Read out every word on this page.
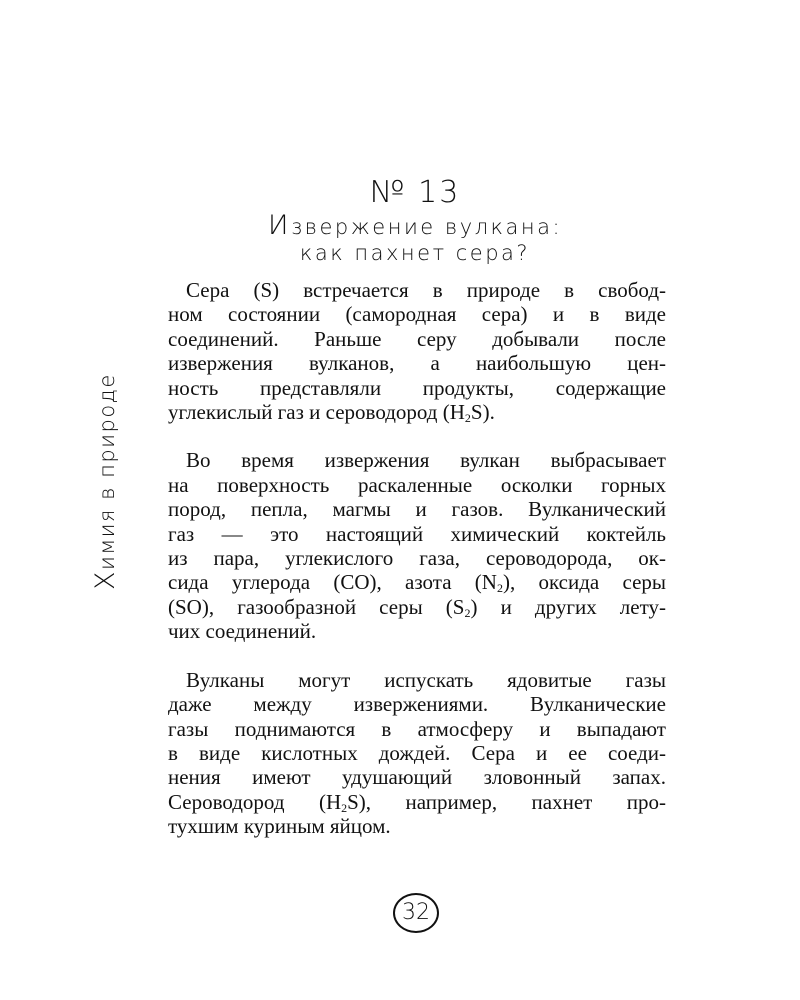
Химия в природе
№ 13
Извержение вулкана:
как пахнет сера?

Сера (S) встречается в природе в свобод-
ном состоянии (самородная сера) и в виде
соединений. Раньше серу добывали после
извержения вулканов, а наибольшую цен-
ность представляли продукты, содержащие
углекислый газ и сероводород $(H_2S)$.

Во время извержения вулкан выбрасывает
на поверхность раскаленные осколки горных
пород, пепла, магмы и газов. Вулканический
газ — это настоящий химический коктейль
из пара, углекислого газа, сероводорода, ок-
сида углерода (CO), азота $(N_2)$, оксида серы
(SO), газообразной серы $(S_2)$ и других лету-
чих соединений.

Вулканы могут испускать ядовитые газы
даже между извержениями. Вулканические
газы поднимаются в атмосферу и выпадают
в виде кислотных дождей. Сера и ее соеди-
нения имеют удушающий зловонный запах.
Сероводород $(H_2S)$, например, пахнет про-
тухшим куриным яйцом.

32
